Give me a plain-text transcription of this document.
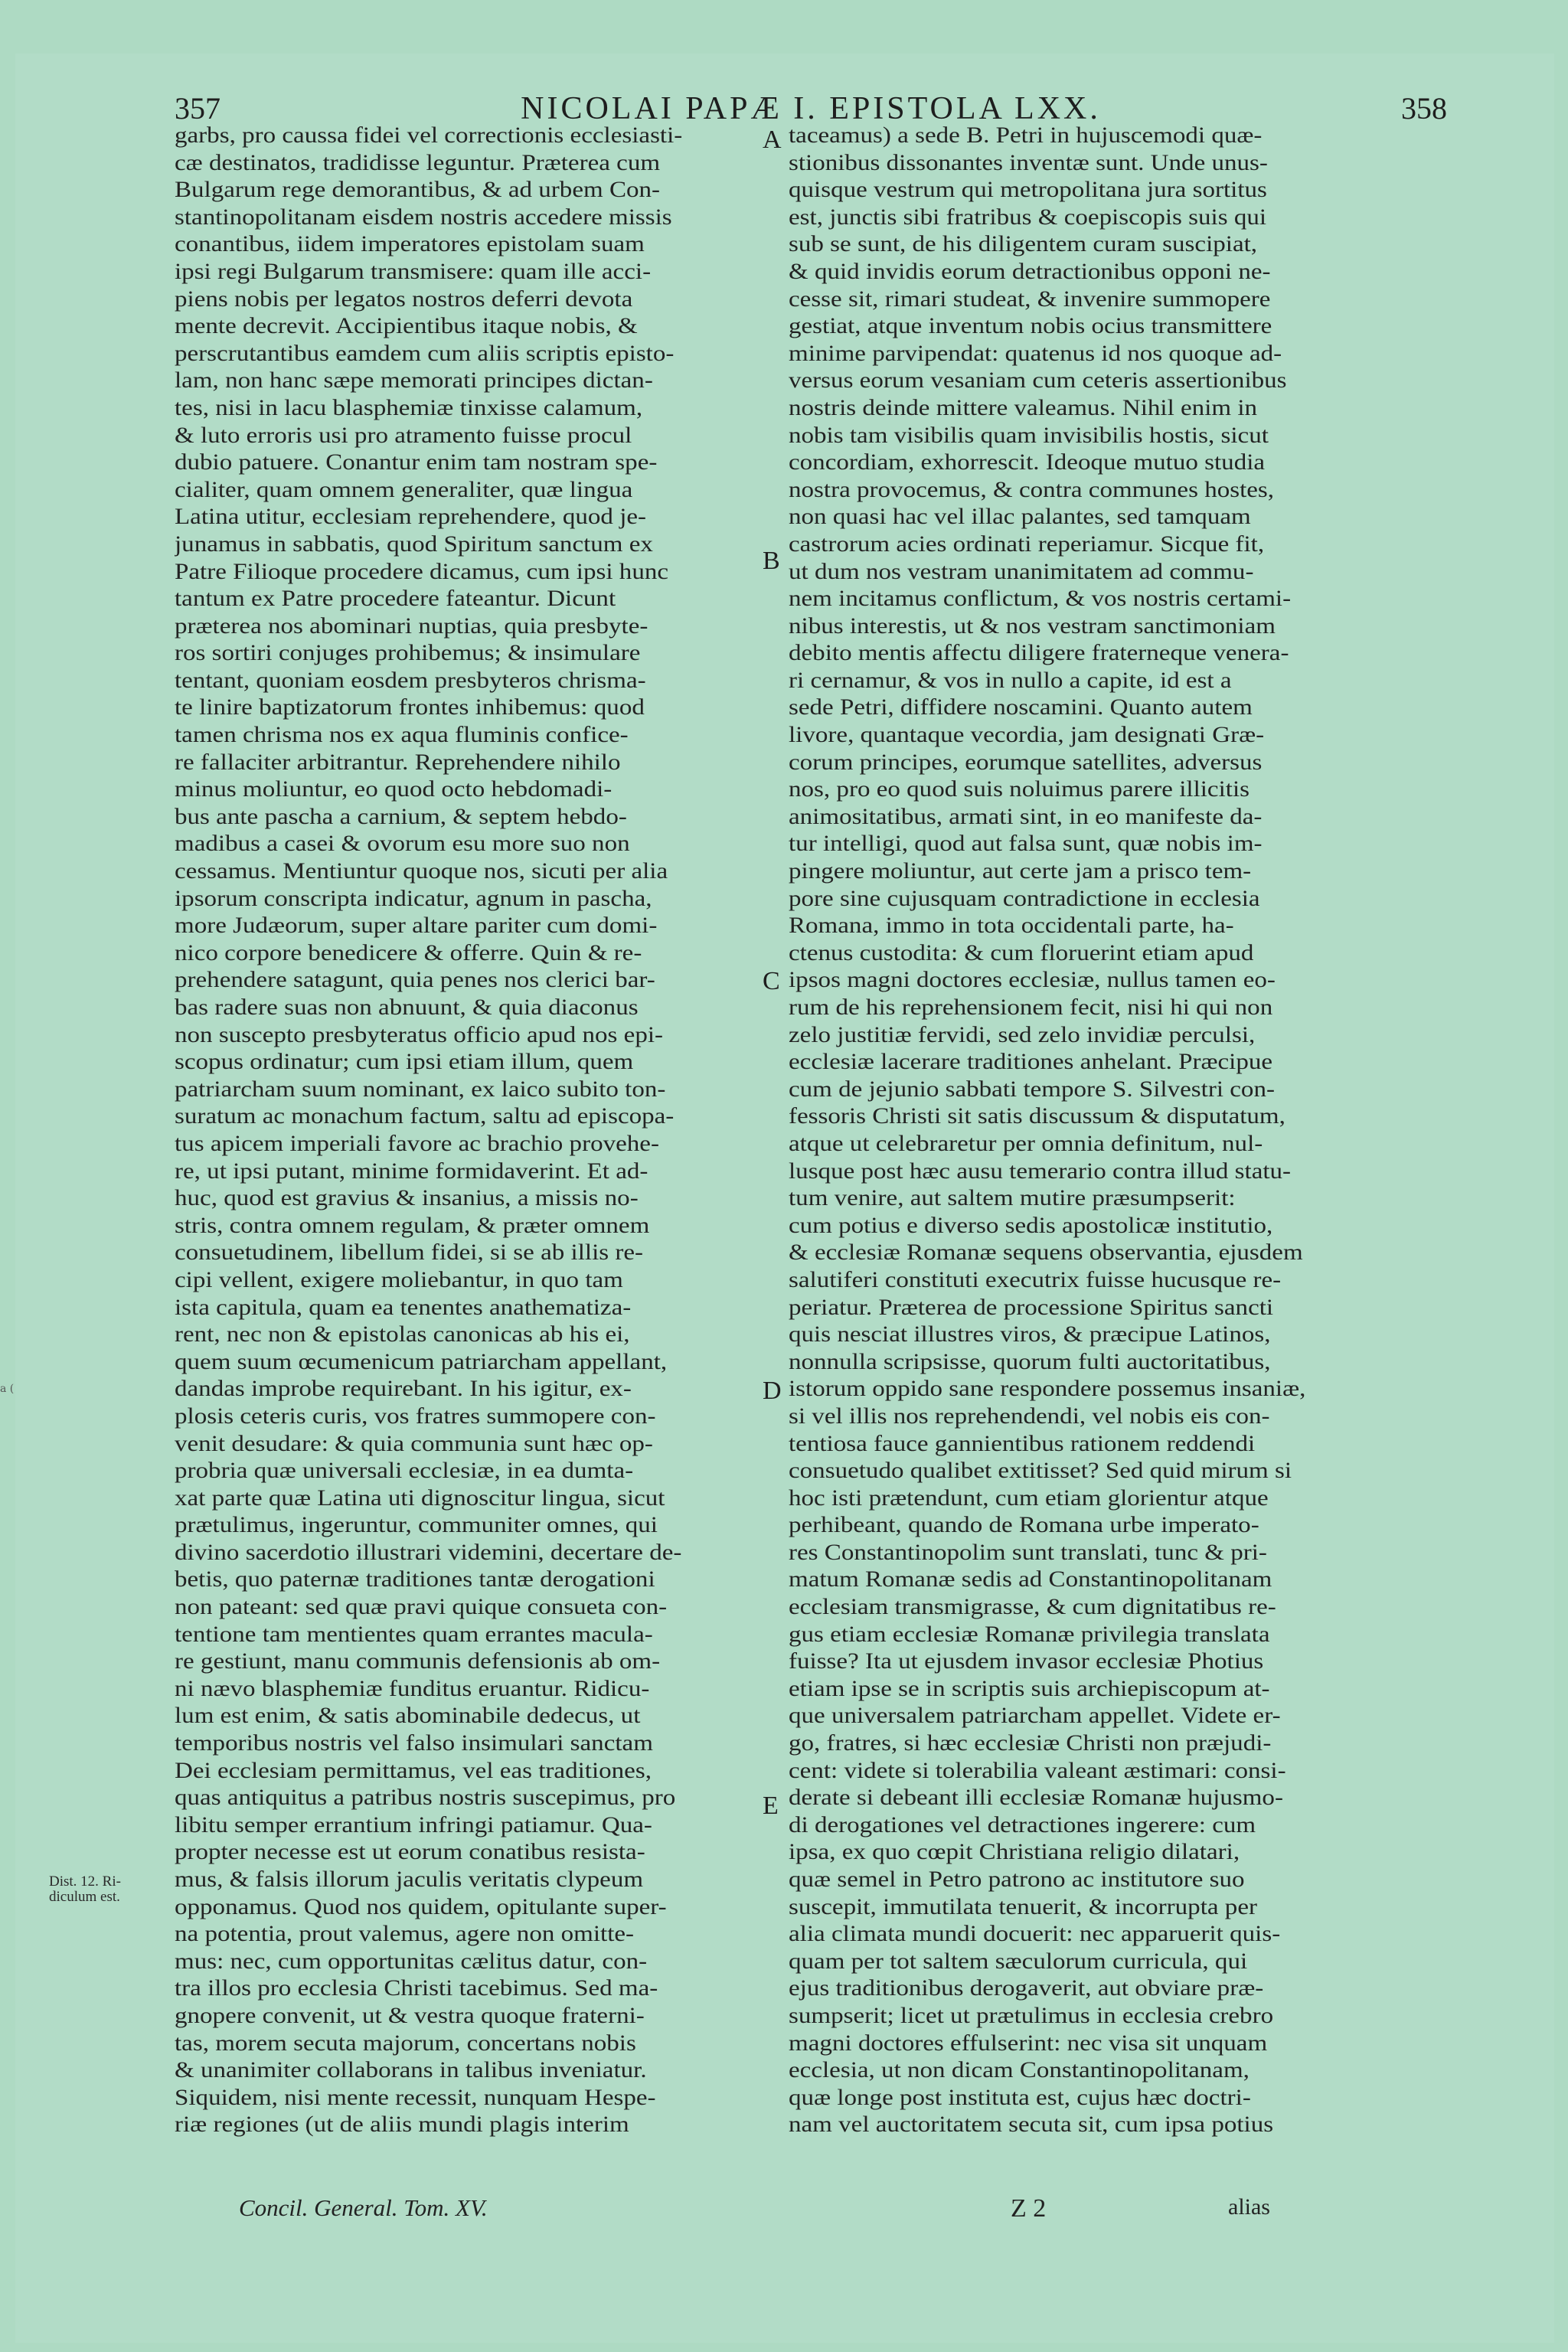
357	NICOLAI PAPÆ I. EPISTOLA LXX.	358
garbs, pro caussa fidei vel correctionis ecclesiasti-
cæ destinatos, tradidisse leguntur. Præterea cum
Bulgarum rege demorantibus, & ad urbem Con-
stantinopolitanam eisdem nostris accedere missis
conantibus, iidem imperatores epistolam suam
ipsi regi Bulgarum transmisere: quam ille acci-
piens nobis per legatos nostros deferri devota
mente decrevit. Accipientibus itaque nobis, &
perscrutantibus eamdem cum aliis scriptis episto-
lam, non hanc sæpe memorati principes dictan-
tes, nisi in lacu blasphemiæ tinxisse calamum,
& luto erroris usi pro atramento fuisse procul
dubio patuere. Conantur enim tam nostram spe-
cialiter, quam omnem generaliter, quæ lingua
Latina utitur, ecclesiam reprehendere, quod je-
junamus in sabbatis, quod Spiritum sanctum ex
Patre Filioque procedere dicamus, cum ipsi hunc
tantum ex Patre procedere fateantur. Dicunt
præterea nos abominari nuptias, quia presbyte-
ros sortiri conjuges prohibemus; & insimulare
tentant, quoniam eosdem presbyteros chrisma-
te linire baptizatorum frontes inhibemus: quod
tamen chrisma nos ex aqua fluminis confice-
re fallaciter arbitrantur. Reprehendere nihilo
minus moliuntur, eo quod octo hebdomadi-
bus ante pascha a carnium, & septem hebdo-
madibus a casei & ovorum esu more suo non
cessamus. Mentiuntur quoque nos, sicuti per alia
ipsorum conscripta indicatur, agnum in pascha,
more Judæorum, super altare pariter cum domi-
nico corpore benedicere & offerre. Quin & re-
prehendere satagunt, quia penes nos clerici bar-
bas radere suas non abnuunt, & quia diaconus
non suscepto presbyteratus officio apud nos epi-
scopus ordinatur; cum ipsi etiam illum, quem
patriarcham suum nominant, ex laico subito ton-
suratum ac monachum factum, saltu ad episcopa-
tus apicem imperiali favore ac brachio provehe-
re, ut ipsi putant, minime formidaverint. Et ad-
huc, quod est gravius & insanius, a missis no-
stris, contra omnem regulam, & præter omnem
consuetudinem, libellum fidei, si se ab illis re-
cipi vellent, exigere moliebantur, in quo tam
ista capitula, quam ea tenentes anathematiza-
rent, nec non & epistolas canonicas ab his ei,
quem suum œcumenicum patriarcham appellant,
dandas improbe requirebant. In his igitur, ex-
plosis ceteris curis, vos fratres summopere con-
venit desudare: & quia communia sunt hæc op-
probria quæ universali ecclesiæ, in ea dumta-
xat parte quæ Latina uti dignoscitur lingua, sicut
prætulimus, ingeruntur, communiter omnes, qui
divino sacerdotio illustrari videmini, decertare de-
betis, quo paternæ traditiones tantæ derogationi
non pateant: sed quæ pravi quique consueta con-
tentione tam mentientes quam errantes macula-
re gestiunt, manu communis defensionis ab om-
ni nævo blasphemiæ funditus eruantur. Ridicu-
lum est enim, & satis abominabile dedecus, ut
temporibus nostris vel falso insimulari sanctam
Dei ecclesiam permittamus, vel eas traditiones,
quas antiquitus a patribus nostris suscepimus, pro
libitu semper errantium infringi patiamur. Qua-
propter necesse est ut eorum conatibus resista-
mus, & falsis illorum jaculis veritatis clypeum
opponamus. Quod nos quidem, opitulante super-
na potentia, prout valemus, agere non omitte-
mus: nec, cum opportunitas cælitus datur, con-
tra illos pro ecclesia Christi tacebimus. Sed ma-
gnopere convenit, ut & vestra quoque fraterni-
tas, morem secuta majorum, concertans nobis
& unanimiter collaborans in talibus inveniatur.
Siquidem, nisi mente recessit, nunquam Hespe-
riæ regiones (ut de aliis mundi plagis interim
taceamus) a sede B. Petri in hujuscemodi quæ-
stionibus dissonantes inventæ sunt. Unde unus-
quisque vestrum qui metropolitana jura sortitus
est, junctis sibi fratribus & coepiscopis suis qui
sub se sunt, de his diligentem curam suscipiat,
& quid invidis eorum detractionibus opponi ne-
cesse sit, rimari studeat, & invenire summopere
gestiat, atque inventum nobis ocius transmittere
minime parvipendat: quatenus id nos quoque ad-
versus eorum vesaniam cum ceteris assertionibus
nostris deinde mittere valeamus. Nihil enim in
nobis tam visibilis quam invisibilis hostis, sicut
concordiam, exhorrescit. Ideoque mutuo studia
nostra provocemus, & contra communes hostes,
non quasi hac vel illac palantes, sed tamquam
castrorum acies ordinati reperiamur. Sicque fit,
ut dum nos vestram unanimitatem ad commu-
nem incitamus conflictum, & vos nostris certami-
nibus interestis, ut & nos vestram sanctimoniam
debito mentis affectu diligere fraterneque venera-
ri cernamur, & vos in nullo a capite, id est a
sede Petri, diffidere noscamini. Quanto autem
livore, quantaque vecordia, jam designati Græ-
corum principes, eorumque satellites, adversus
nos, pro eo quod suis noluimus parere illicitis
animositatibus, armati sint, in eo manifeste da-
tur intelligi, quod aut falsa sunt, quæ nobis im-
pingere moliuntur, aut certe jam a prisco tem-
pore sine cujusquam contradictione in ecclesia
Romana, immo in tota occidentali parte, ha-
ctenus custodita: & cum floruerint etiam apud
ipsos magni doctores ecclesiæ, nullus tamen eo-
rum de his reprehensionem fecit, nisi hi qui non
zelo justitiæ fervidi, sed zelo invidiæ perculsi,
ecclesiæ lacerare traditiones anhelant. Præcipue
cum de jejunio sabbati tempore S. Silvestri con-
fessoris Christi sit satis discussum & disputatum,
atque ut celebraretur per omnia definitum, nul-
lusque post hæc ausu temerario contra illud statu-
tum venire, aut saltem mutire præsumpserit:
cum potius e diverso sedis apostolicæ institutio,
& ecclesiæ Romanæ sequens observantia, ejusdem
salutiferi constituti executrix fuisse hucusque re-
periatur. Præterea de processione Spiritus sancti
quis nesciat illustres viros, & præcipue Latinos,
nonnulla scripsisse, quorum fulti auctoritatibus,
istorum oppido sane respondere possemus insaniæ,
si vel illis nos reprehendendi, vel nobis eis con-
tentiosa fauce gannientibus rationem reddendi
consuetudo qualibet extitisset? Sed quid mirum si
hoc isti prætendunt, cum etiam glorientur atque
perhibeant, quando de Romana urbe imperato-
res Constantinopolim sunt translati, tunc & pri-
matum Romanæ sedis ad Constantinopolitanam
ecclesiam transmigrasse, & cum dignitatibus re-
gus etiam ecclesiæ Romanæ privilegia translata
fuisse? Ita ut ejusdem invasor ecclesiæ Photius
etiam ipse se in scriptis suis archiepiscopum at-
que universalem patriarcham appellet. Videte er-
go, fratres, si hæc ecclesiæ Christi non præjudi-
cent: videte si tolerabilia valeant æstimari: consi-
derate si debeant illi ecclesiæ Romanæ hujusmo-
di derogationes vel detractiones ingerere: cum
ipsa, ex quo cœpit Christiana religio dilatari,
quæ semel in Petro patrono ac institutore suo
suscepit, immutilata tenuerit, & incorrupta per
alia climata mundi docuerit: nec apparuerit quis-
quam per tot saltem sæculorum curricula, qui
ejus traditionibus derogaverit, aut obviare præ-
sumpserit; licet ut prætulimus in ecclesia crebro
magni doctores effulserint: nec visa sit unquam
ecclesia, ut non dicam Constantinopolitanam,
quæ longe post instituta est, cujus hæc doctri-
nam vel auctoritatem secuta sit, cum ipsa potius
A
B
C
D
E
Dist. 12. Ri-diculum est.
a (
Concil. General. Tom. XV.	Z 2	alias
